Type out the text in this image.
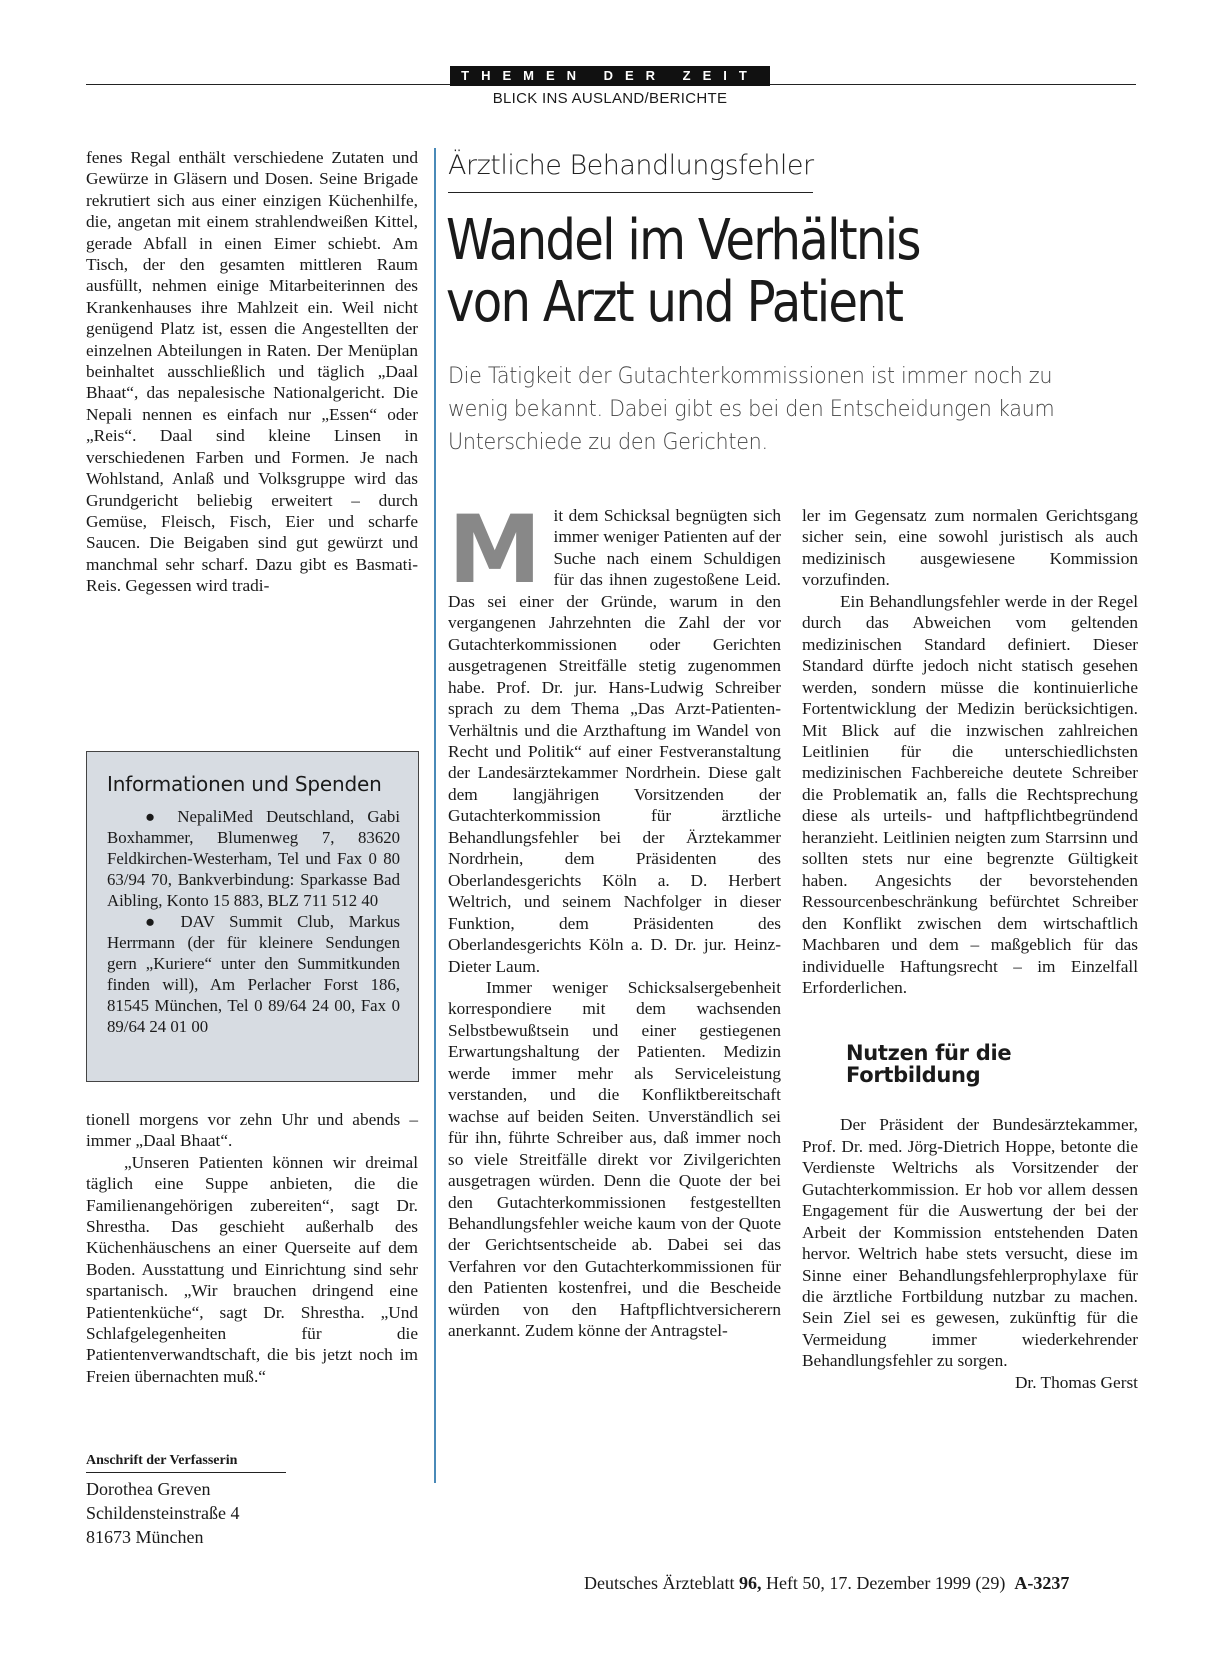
THEMEN DER ZEIT
BLICK INS AUSLAND/BERICHTE

fenes Regal enthält verschiedene Zutaten und Gewürze in Gläsern und Dosen. Seine Brigade rekrutiert sich aus einer einzigen Küchenhilfe, die, angetan mit einem strahlendweißen Kittel, gerade Abfall in einen Eimer schiebt. Am Tisch, der den gesamten mittleren Raum ausfüllt, nehmen einige Mitarbeiterinnen des Krankenhauses ihre Mahlzeit ein. Weil nicht genügend Platz ist, essen die Angestellten der einzelnen Abteilungen in Raten. Der Menüplan beinhaltet ausschließlich und täglich „Daal Bhaat“, das nepalesische Nationalgericht. Die Nepali nennen es einfach nur „Essen“ oder „Reis“. Daal sind kleine Linsen in verschiedenen Farben und Formen. Je nach Wohlstand, Anlaß und Volksgruppe wird das Grundgericht beliebig erweitert – durch Gemüse, Fleisch, Fisch, Eier und scharfe Saucen. Die Beigaben sind gut gewürzt und manchmal sehr scharf. Dazu gibt es Basmati-Reis. Gegessen wird tradi-

Informationen und Spenden

● NepaliMed Deutschland, Gabi Boxhammer, Blumenweg 7, 83620 Feldkirchen-Westerham, Tel und Fax 0 80 63/94 70, Bankverbindung: Sparkasse Bad Aibling, Konto 15 883, BLZ 711 512 40

● DAV Summit Club, Markus Herrmann (der für kleinere Sendungen gern „Kuriere“ unter den Summitkunden finden will), Am Perlacher Forst 186, 81545 München, Tel 0 89/64 24 00, Fax 0 89/64 24 01 00

tionell morgens vor zehn Uhr und abends – immer „Daal Bhaat“.

„Unseren Patienten können wir dreimal täglich eine Suppe anbieten, die die Familienangehörigen zubereiten“, sagt Dr. Shrestha. Das geschieht außerhalb des Küchenhäuschens an einer Querseite auf dem Boden. Ausstattung und Einrichtung sind sehr spartanisch. „Wir brauchen dringend eine Patientenküche“, sagt Dr. Shrestha. „Und Schlafgelegenheiten für die Patientenverwandtschaft, die bis jetzt noch im Freien übernachten muß.“

Anschrift der Verfasserin
Dorothea Greven
Schildensteinstraße 4
81673 München
Ärztliche Behandlungsfehler
Wandel im Verhältnis
von Arzt und Patient
Die Tätigkeit der Gutachterkommissionen ist immer noch zu wenig bekannt. Dabei gibt es bei den Entscheidungen kaum Unterschiede zu den Gerichten.

Mit dem Schicksal begnügten sich immer weniger Patienten auf der Suche nach einem Schuldigen für das ihnen zugestoßene Leid. Das sei einer der Gründe, warum in den vergangenen Jahrzehnten die Zahl der vor Gutachterkommissionen oder Gerichten ausgetragenen Streitfälle stetig zugenommen habe. Prof. Dr. jur. Hans-Ludwig Schreiber sprach zu dem Thema „Das Arzt-Patienten-Verhältnis und die Arzthaftung im Wandel von Recht und Politik“ auf einer Festveranstaltung der Landesärztekammer Nordrhein. Diese galt dem langjährigen Vorsitzenden der Gutachterkommission für ärztliche Behandlungsfehler bei der Ärztekammer Nordrhein, dem Präsidenten des Oberlandesgerichts Köln a. D. Herbert Weltrich, und seinem Nachfolger in dieser Funktion, dem Präsidenten des Oberlandesgerichts Köln a. D. Dr. jur. Heinz-Dieter Laum.

Immer weniger Schicksalsergebenheit korrespondiere mit dem wachsenden Selbstbewußtsein und einer gestiegenen Erwartungshaltung der Patienten. Medizin werde immer mehr als Serviceleistung verstanden, und die Konfliktbereitschaft wachse auf beiden Seiten. Unverständlich sei für ihn, führte Schreiber aus, daß immer noch so viele Streitfälle direkt vor Zivilgerichten ausgetragen würden. Denn die Quote der bei den Gutachterkommissionen festgestellten Behandlungsfehler weiche kaum von der Quote der Gerichtsentscheide ab. Dabei sei das Verfahren vor den Gutachterkommissionen für den Patienten kostenfrei, und die Bescheide würden von den Haftpflichtversicherern anerkannt. Zudem könne der Antragstel-

ler im Gegensatz zum normalen Gerichtsgang sicher sein, eine sowohl juristisch als auch medizinisch ausgewiesene Kommission vorzufinden.

Ein Behandlungsfehler werde in der Regel durch das Abweichen vom geltenden medizinischen Standard definiert. Dieser Standard dürfte jedoch nicht statisch gesehen werden, sondern müsse die kontinuierliche Fortentwicklung der Medizin berücksichtigen. Mit Blick auf die inzwischen zahlreichen Leitlinien für die unterschiedlichsten medizinischen Fachbereiche deutete Schreiber die Problematik an, falls die Rechtsprechung diese als urteils- und haftpflichtbegründend heranzieht. Leitlinien neigten zum Starrsinn und sollten stets nur eine begrenzte Gültigkeit haben. Angesichts der bevorstehenden Ressourcenbeschränkung befürchtet Schreiber den Konflikt zwischen dem wirtschaftlich Machbaren und dem – maßgeblich für das individuelle Haftungsrecht – im Einzelfall Erforderlichen.

Nutzen für die Fortbildung

Der Präsident der Bundesärztekammer, Prof. Dr. med. Jörg-Dietrich Hoppe, betonte die Verdienste Weltrichs als Vorsitzender der Gutachterkommission. Er hob vor allem dessen Engagement für die Auswertung der bei der Arbeit der Kommission entstehenden Daten hervor. Weltrich habe stets versucht, diese im Sinne einer Behandlungsfehlerprophylaxe für die ärztliche Fortbildung nutzbar zu machen. Sein Ziel sei es gewesen, zukünftig für die Vermeidung immer wiederkehrender Behandlungsfehler zu sorgen.

Dr. Thomas Gerst
Deutsches Ärzteblatt 96, Heft 50, 17. Dezember 1999 (29) A-3237
